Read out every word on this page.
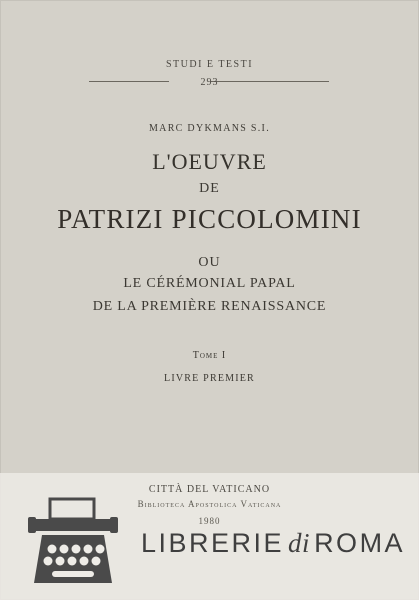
STUDI E TESTI
293
MARC DYKMANS S.I.
L'OEUVRE
DE
PATRIZI PICCOLOMINI
OU
LE CÉRÉMONIAL PAPAL
DE LA PREMIÈRE RENAISSANCE
Tome I
LIVRE PREMIER
CITTÀ DEL VATICANO
Biblioteca Apostolica Vaticana
1980
LIBRERIE di ROMA
